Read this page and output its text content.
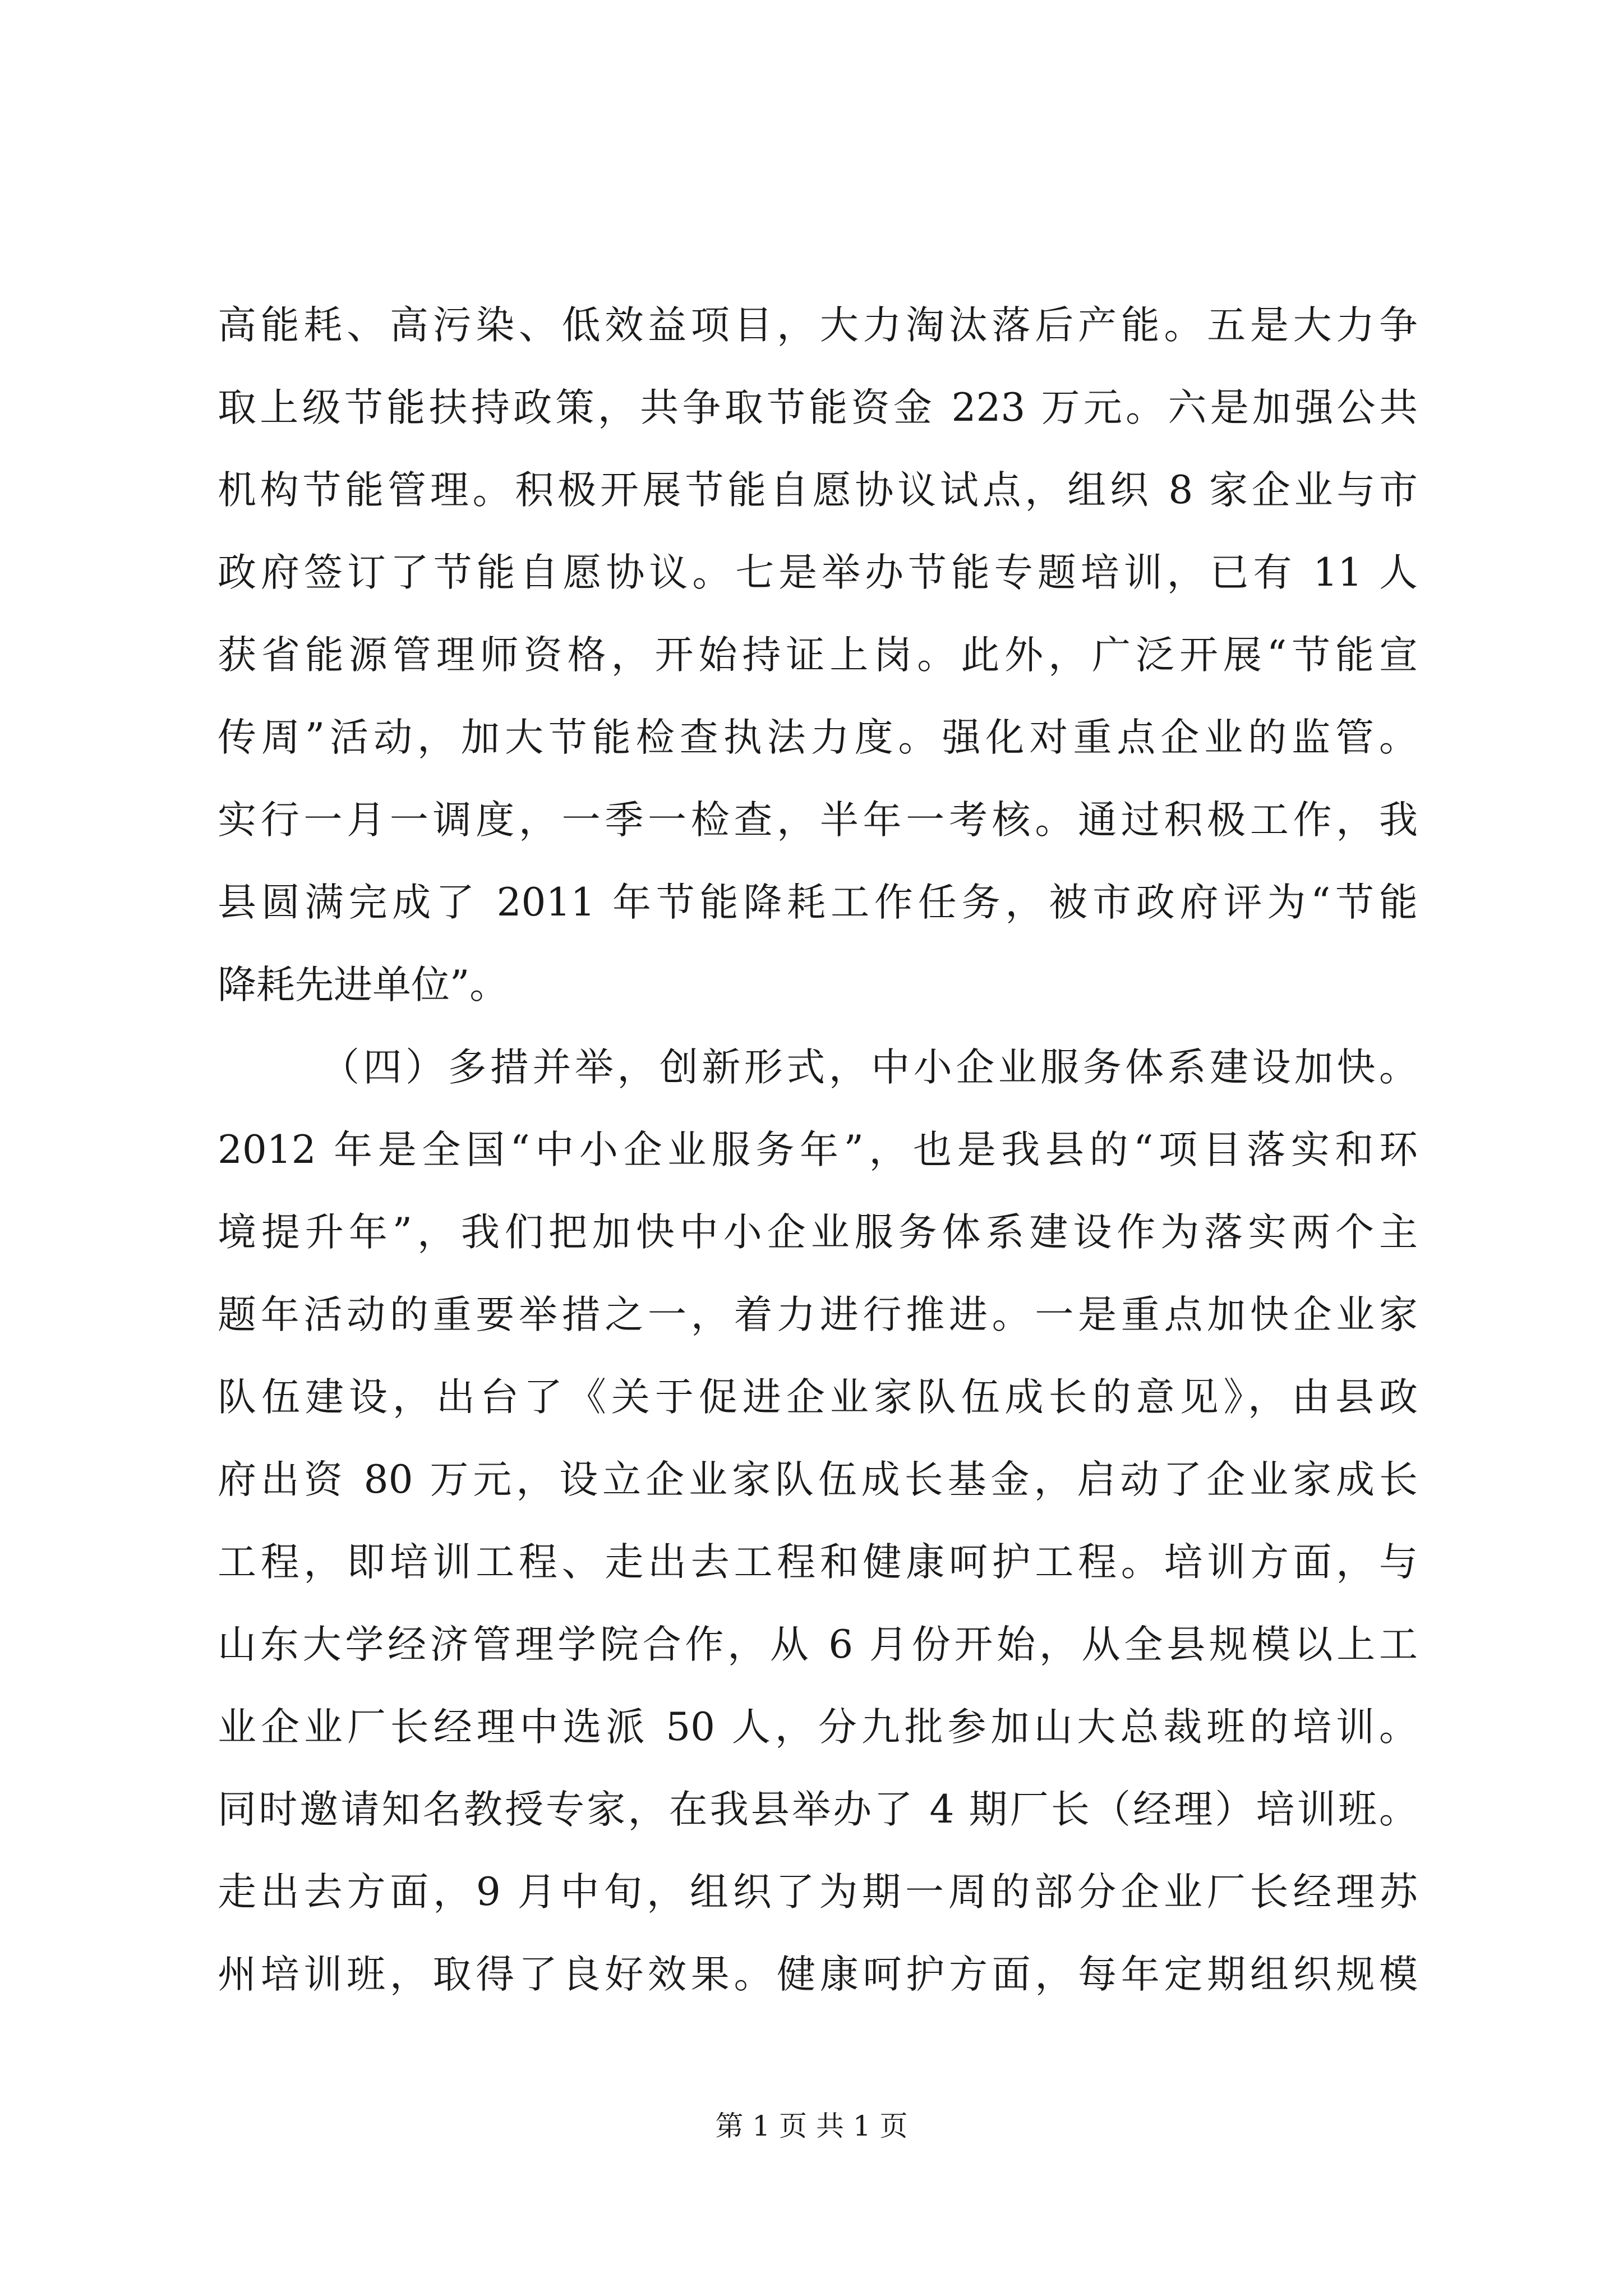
高能耗、高污染、低效益项目，大力淘汰落后产能。五是大力争
取上级节能扶持政策，共争取节能资金 223 万元。六是加强公共
机构节能管理。积极开展节能自愿协议试点，组织 8 家企业与市
政府签订了节能自愿协议。七是举办节能专题培训，已有 11 人
获省能源管理师资格，开始持证上岗。此外，广泛开展“节能宣
传周”活动，加大节能检查执法力度。强化对重点企业的监管。
实行一月一调度，一季一检查，半年一考核。通过积极工作，我
县圆满完成了 2011 年节能降耗工作任务，被市政府评为“节能
降耗先进单位”。
（四）多措并举，创新形式，中小企业服务体系建设加快。
2012 年是全国“中小企业服务年”，也是我县的“项目落实和环
境提升年”，我们把加快中小企业服务体系建设作为落实两个主
题年活动的重要举措之一，着力进行推进。一是重点加快企业家
队伍建设，出台了《关于促进企业家队伍成长的意见》，由县政
府出资 80 万元，设立企业家队伍成长基金，启动了企业家成长
工程，即培训工程、走出去工程和健康呵护工程。培训方面，与
山东大学经济管理学院合作，从 6 月份开始，从全县规模以上工
业企业厂长经理中选派 50 人，分九批参加山大总裁班的培训。
同时邀请知名教授专家，在我县举办了 4 期厂长（经理）培训班。
走出去方面，9 月中旬，组织了为期一周的部分企业厂长经理苏
州培训班，取得了良好效果。健康呵护方面，每年定期组织规模
第 1 页 共 1 页
